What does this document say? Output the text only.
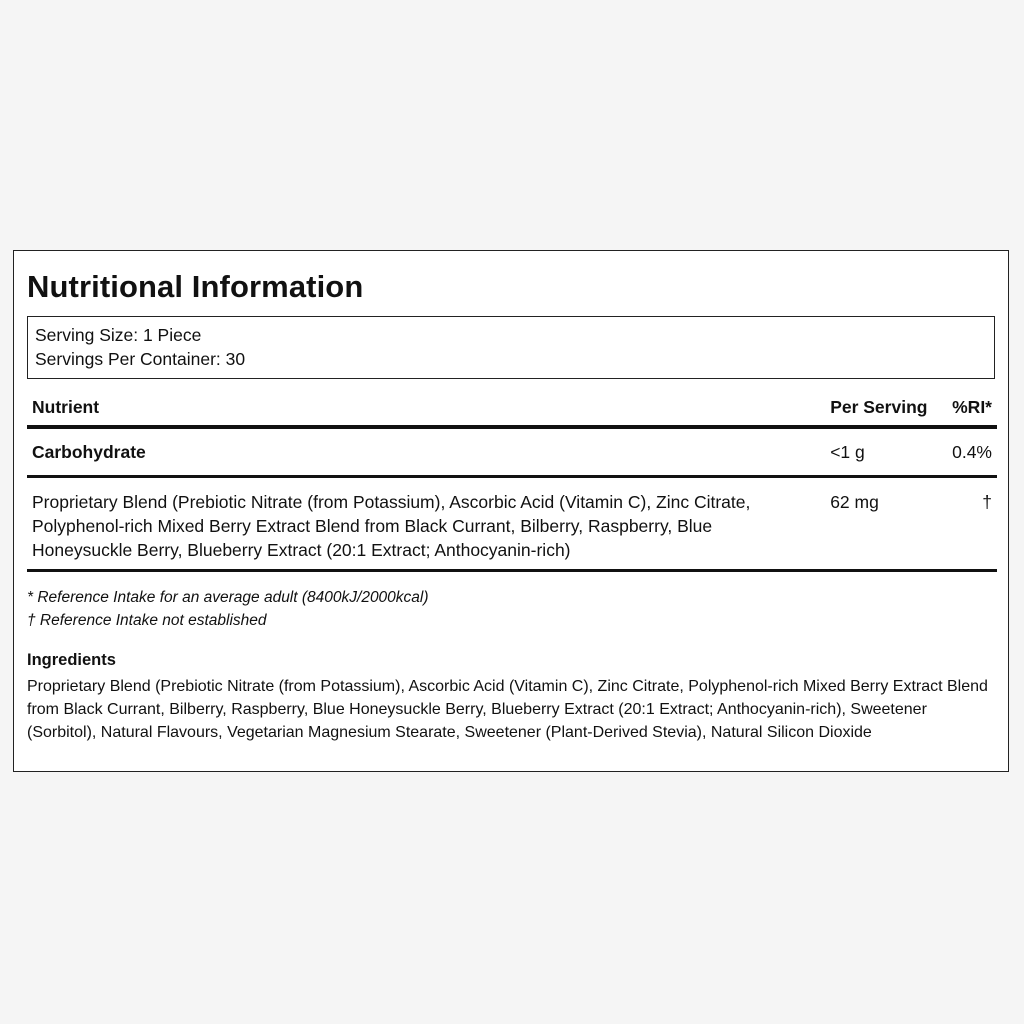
Nutritional Information
Serving Size: 1 Piece
Servings Per Container: 30
Nutrient	Per Serving	%RI*
Carbohydrate	<1 g	0.4%
Proprietary Blend (Prebiotic Nitrate (from Potassium), Ascorbic Acid (Vitamin C), Zinc Citrate, Polyphenol-rich Mixed Berry Extract Blend from Black Currant, Bilberry, Raspberry, Blue Honeysuckle Berry, Blueberry Extract (20:1 Extract; Anthocyanin-rich)	62 mg	†
* Reference Intake for an average adult (8400kJ/2000kcal)
† Reference Intake not established
Ingredients
Proprietary Blend (Prebiotic Nitrate (from Potassium), Ascorbic Acid (Vitamin C), Zinc Citrate, Polyphenol-rich Mixed Berry Extract Blend from Black Currant, Bilberry, Raspberry, Blue Honeysuckle Berry, Blueberry Extract (20:1 Extract; Anthocyanin-rich), Sweetener (Sorbitol), Natural Flavours, Vegetarian Magnesium Stearate, Sweetener (Plant-Derived Stevia), Natural Silicon Dioxide
